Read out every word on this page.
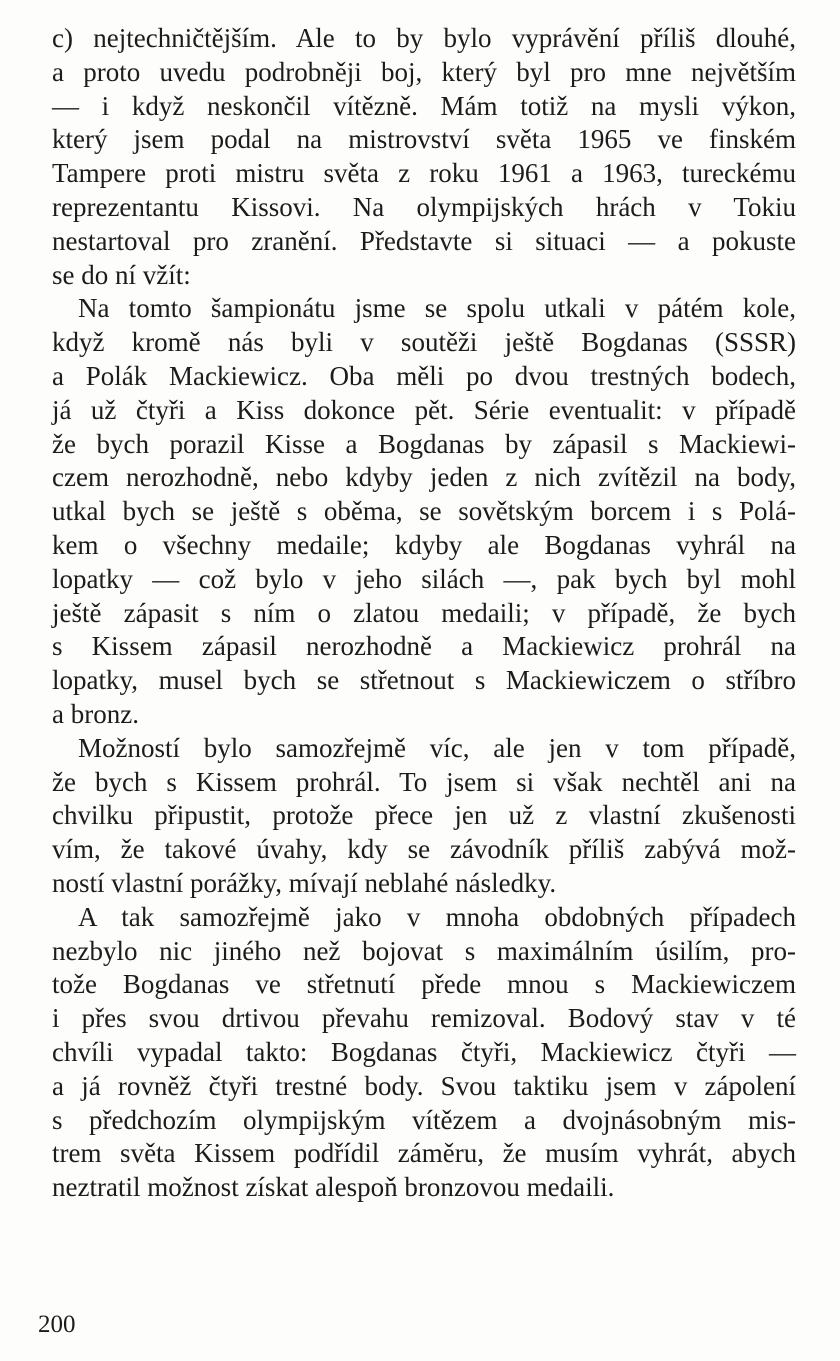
c) nejtechničtějším. Ale to by bylo vyprávění příliš dlouhé,
a proto uvedu podrobněji boj, který byl pro mne největším
— i když neskončil vítězně. Mám totiž na mysli výkon,
který jsem podal na mistrovství světa 1965 ve finském
Tampere proti mistru světa z roku 1961 a 1963, tureckému
reprezentantu Kissovi. Na olympijských hrách v Tokiu
nestartoval pro zranění. Představte si situaci — a pokuste
se do ní vžít:
Na tomto šampionátu jsme se spolu utkali v pátém kole,
když kromě nás byli v soutěži ještě Bogdanas (SSSR)
a Polák Mackiewicz. Oba měli po dvou trestných bodech,
já už čtyři a Kiss dokonce pět. Série eventualit: v případě
že bych porazil Kisse a Bogdanas by zápasil s Mackiewi-
czem nerozhodně, nebo kdyby jeden z nich zvítězil na body,
utkal bych se ještě s oběma, se sovětským borcem i s Polá-
kem o všechny medaile; kdyby ale Bogdanas vyhrál na
lopatky — což bylo v jeho silách —, pak bych byl mohl
ještě zápasit s ním o zlatou medaili; v případě, že bych
s Kissem zápasil nerozhodně a Mackiewicz prohrál na
lopatky, musel bych se střetnout s Mackiewiczem o stříbro
a bronz.
Možností bylo samozřejmě víc, ale jen v tom případě,
že bych s Kissem prohrál. To jsem si však nechtěl ani na
chvilku připustit, protože přece jen už z vlastní zkušenosti
vím, že takové úvahy, kdy se závodník příliš zabývá mož-
ností vlastní porážky, mívají neblahé následky.
A tak samozřejmě jako v mnoha obdobných případech
nezbylo nic jiného než bojovat s maximálním úsilím, pro-
tože Bogdanas ve střetnutí přede mnou s Mackiewiczem
i přes svou drtivou převahu remizoval. Bodový stav v té
chvíli vypadal takto: Bogdanas čtyři, Mackiewicz čtyři —
a já rovněž čtyři trestné body. Svou taktiku jsem v zápolení
s předchozím olympijským vítězem a dvojnásobným mis-
trem světa Kissem podřídil záměru, že musím vyhrát, abych
neztratil možnost získat alespoň bronzovou medaili.
200
